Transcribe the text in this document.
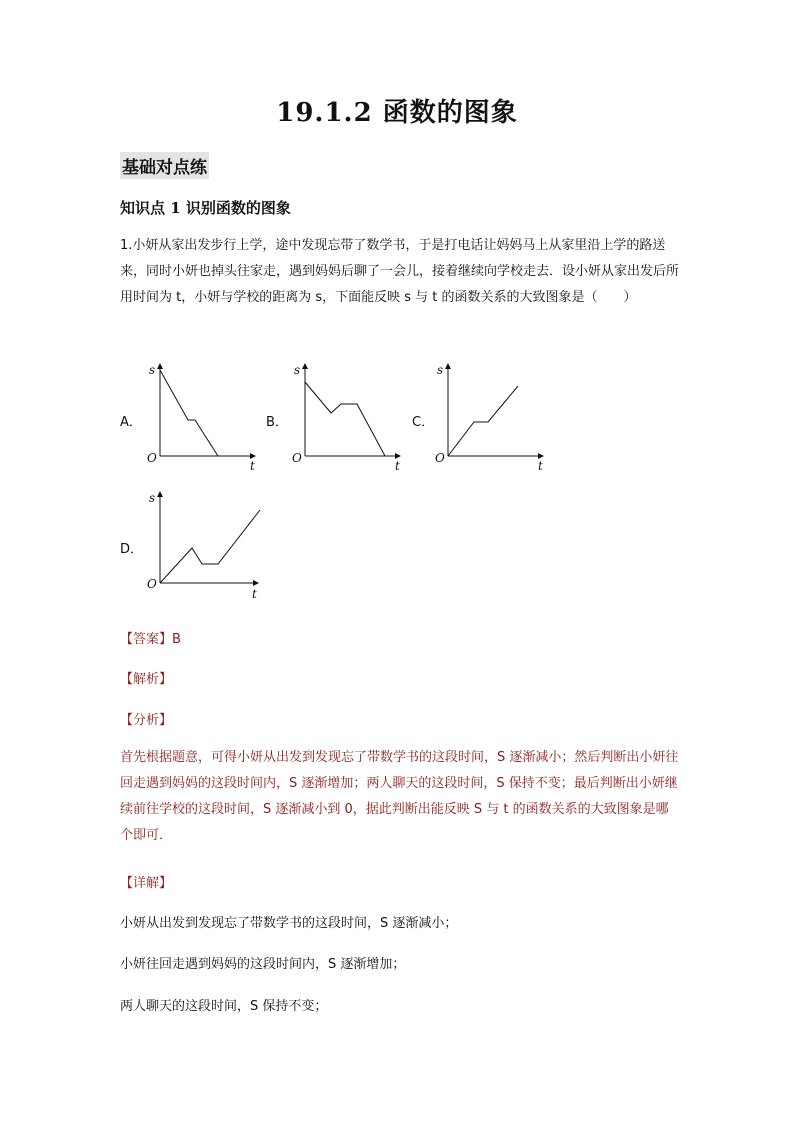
19.1.2 函数的图象
基础对点练
知识点 1 识别函数的图象
1.小妍从家出发步行上学，途中发现忘带了数学书，于是打电话让妈妈马上从家里沿上学的路送来，同时小妍也掉头往家走，遇到妈妈后聊了一会儿，接着继续向学校走去．设小妍从家出发后所用时间为 t，小妍与学校的距离为 s，下面能反映 s 与 t 的函数关系的大致图象是（　　）
A．	B．	C．
D．
s
t
O
s
t
O
s
t
O
s
t
O
【答案】B
【解析】
【分析】
首先根据题意，可得小妍从出发到发现忘了带数学书的这段时间，S 逐渐减小；然后判断出小妍往回走遇到妈妈的这段时间内，S 逐渐增加；两人聊天的这段时间，S 保持不变；最后判断出小妍继续前往学校的这段时间，S 逐渐减小到 0，据此判断出能反映 S 与 t 的函数关系的大致图象是哪个即可．
【详解】
小妍从出发到发现忘了带数学书的这段时间，S 逐渐减小；
小妍往回走遇到妈妈的这段时间内，S 逐渐增加；
两人聊天的这段时间，S 保持不变；
